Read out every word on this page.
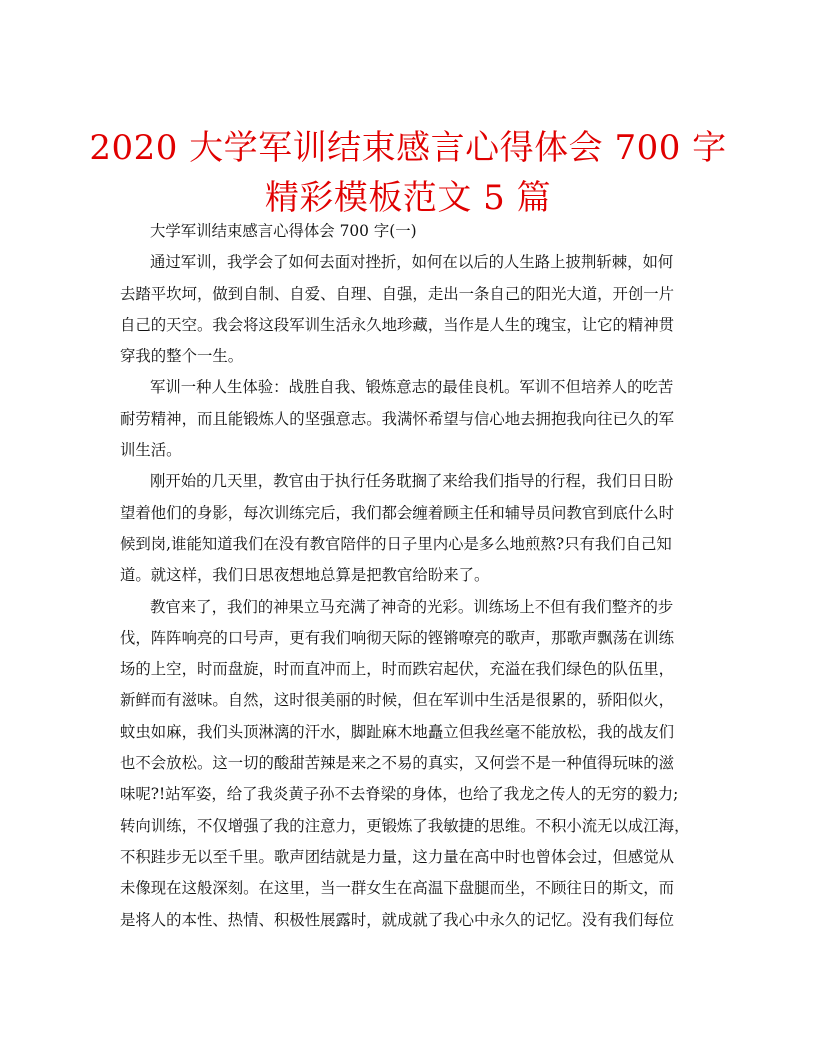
2020 大学军训结束感言心得体会 700 字
精彩模板范文 5 篇
大学军训结束感言心得体会 700 字(一)
通过军训，我学会了如何去面对挫折，如何在以后的人生路上披荆斩棘，如何
去踏平坎坷，做到自制、自爱、自理、自强，走出一条自己的阳光大道，开创一片
自己的天空。我会将这段军训生活永久地珍藏，当作是人生的瑰宝，让它的精神贯
穿我的整个一生。
军训一种人生体验：战胜自我、锻炼意志的最佳良机。军训不但培养人的吃苦
耐劳精神，而且能锻炼人的坚强意志。我满怀希望与信心地去拥抱我向往已久的军
训生活。
刚开始的几天里，教官由于执行任务耽搁了来给我们指导的行程，我们日日盼
望着他们的身影，每次训练完后，我们都会缠着顾主任和辅导员问教官到底什么时
候到岗,谁能知道我们在没有教官陪伴的日子里内心是多么地煎熬?只有我们自己知
道。就这样，我们日思夜想地总算是把教官给盼来了。
教官来了，我们的神果立马充满了神奇的光彩。训练场上不但有我们整齐的步
伐，阵阵响亮的口号声，更有我们响彻天际的铿锵嘹亮的歌声，那歌声飘荡在训练
场的上空，时而盘旋，时而直冲而上，时而跌宕起伏，充溢在我们绿色的队伍里，
新鲜而有滋味。自然，这时很美丽的时候，但在军训中生活是很累的，骄阳似火，
蚊虫如麻，我们头顶淋漓的汗水，脚趾麻木地矗立但我丝毫不能放松，我的战友们
也不会放松。这一切的酸甜苦辣是来之不易的真实，又何尝不是一种值得玩味的滋
味呢?!站军姿，给了我炎黄子孙不去脊梁的身体，也给了我龙之传人的无穷的毅力;
转向训练，不仅增强了我的注意力，更锻炼了我敏捷的思维。不积小流无以成江海，
不积跬步无以至千里。歌声团结就是力量，这力量在高中时也曾体会过，但感觉从
未像现在这般深刻。在这里，当一群女生在高温下盘腿而坐，不顾往日的斯文，而
是将人的本性、热情、积极性展露时，就成就了我心中永久的记忆。没有我们每位
